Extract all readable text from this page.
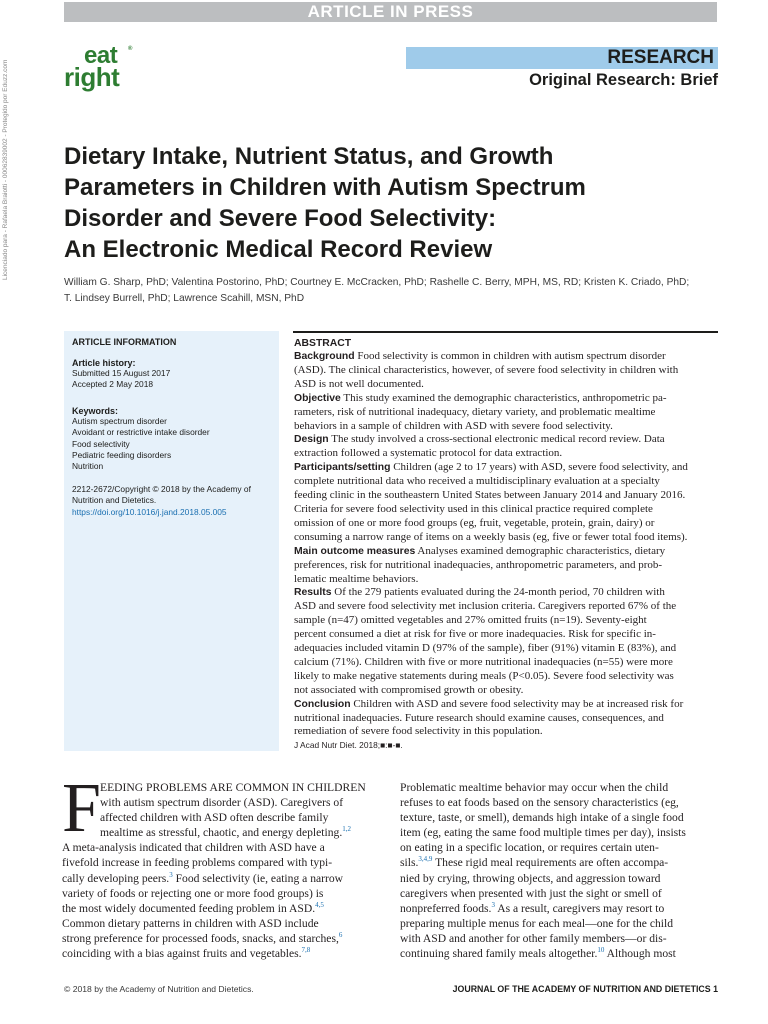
Licenciado para - Rafaela Braiotti - 00062839002 - Protegido por Eduzz.com
ARTICLE IN PRESS
eat ®
right
RESEARCH
Original Research: Brief
Dietary Intake, Nutrient Status, and Growth
Parameters in Children with Autism Spectrum
Disorder and Severe Food Selectivity:
An Electronic Medical Record Review
William G. Sharp, PhD; Valentina Postorino, PhD; Courtney E. McCracken, PhD; Rashelle C. Berry, MPH, MS, RD; Kristen K. Criado, PhD;
T. Lindsey Burrell, PhD; Lawrence Scahill, MSN, PhD
ARTICLE INFORMATION
Article history:
Submitted 15 August 2017
Accepted 2 May 2018
Keywords:
Autism spectrum disorder
Avoidant or restrictive intake disorder
Food selectivity
Pediatric feeding disorders
Nutrition
2212-2672/Copyright © 2018 by the Academy of
Nutrition and Dietetics.
https://doi.org/10.1016/j.jand.2018.05.005
ABSTRACT
Background Food selectivity is common in children with autism spectrum disorder
(ASD). The clinical characteristics, however, of severe food selectivity in children with
ASD is not well documented.
Objective This study examined the demographic characteristics, anthropometric pa-
rameters, risk of nutritional inadequacy, dietary variety, and problematic mealtime
behaviors in a sample of children with ASD with severe food selectivity.
Design The study involved a cross-sectional electronic medical record review. Data
extraction followed a systematic protocol for data extraction.
Participants/setting Children (age 2 to 17 years) with ASD, severe food selectivity, and
complete nutritional data who received a multidisciplinary evaluation at a specialty
feeding clinic in the southeastern United States between January 2014 and January 2016.
Criteria for severe food selectivity used in this clinical practice required complete
omission of one or more food groups (eg, fruit, vegetable, protein, grain, dairy) or
consuming a narrow range of items on a weekly basis (eg, five or fewer total food items).
Main outcome measures Analyses examined demographic characteristics, dietary
preferences, risk for nutritional inadequacies, anthropometric parameters, and prob-
lematic mealtime behaviors.
Results Of the 279 patients evaluated during the 24-month period, 70 children with
ASD and severe food selectivity met inclusion criteria. Caregivers reported 67% of the
sample (n=47) omitted vegetables and 27% omitted fruits (n=19). Seventy-eight
percent consumed a diet at risk for five or more inadequacies. Risk for specific in-
adequacies included vitamin D (97% of the sample), fiber (91%) vitamin E (83%), and
calcium (71%). Children with five or more nutritional inadequacies (n=55) were more
likely to make negative statements during meals (P<0.05). Severe food selectivity was
not associated with compromised growth or obesity.
Conclusion Children with ASD and severe food selectivity may be at increased risk for
nutritional inadequacies. Future research should examine causes, consequences, and
remediation of severe food selectivity in this population.
J Acad Nutr Diet. 2018;■:■-■.
F EEDING PROBLEMS ARE COMMON IN CHILDREN
with autism spectrum disorder (ASD). Caregivers of
affected children with ASD often describe family
mealtime as stressful, chaotic, and energy depleting.$^{1,2}$
A meta-analysis indicated that children with ASD have a
fivefold increase in feeding problems compared with typi-
cally developing peers.$^3$ Food selectivity (ie, eating a narrow
variety of foods or rejecting one or more food groups) is
the most widely documented feeding problem in ASD.$^{4,5}$
Common dietary patterns in children with ASD include
strong preference for processed foods, snacks, and starches,$^6$
coinciding with a bias against fruits and vegetables.$^{7,8}$
Problematic mealtime behavior may occur when the child
refuses to eat foods based on the sensory characteristics (eg,
texture, taste, or smell), demands high intake of a single food
item (eg, eating the same food multiple times per day), insists
on eating in a specific location, or requires certain uten-
sils.$^{3,4,9}$ These rigid meal requirements are often accompa-
nied by crying, throwing objects, and aggression toward
caregivers when presented with just the sight or smell of
nonpreferred foods.$^3$ As a result, caregivers may resort to
preparing multiple menus for each meal—one for the child
with ASD and another for other family members—or dis-
continuing shared family meals altogether.$^{10}$ Although most
© 2018 by the Academy of Nutrition and Dietetics.	JOURNAL OF THE ACADEMY OF NUTRITION AND DIETETICS 1
